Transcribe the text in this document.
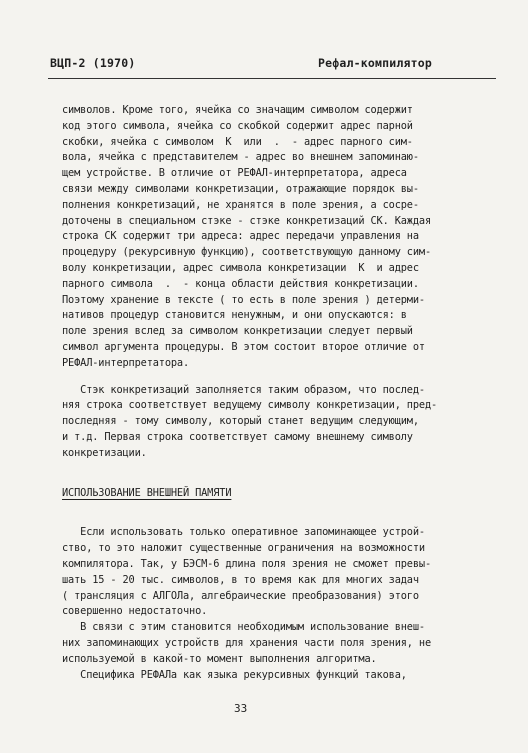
ВЦП-2 (1970)	Рефал-компилятор
символов. Кроме того, ячейка со значащим символом содержит
код этого символа, ячейка со скобкой содержит адрес парной
скобки, ячейка с символом  K  или  .  - адрес парного сим-
вола, ячейка с представителем - адрес во внешнем запоминаю-
щем устройстве. В отличие от РЕФАЛ-интерпретатора, адреса
связи между символами конкретизации, отражающие порядок вы-
полнения конкретизаций, не хранятся в поле зрения, а сосре-
доточены в специальном стэке - стэке конкретизаций СК. Каждая
строка СК содержит три адреса: адрес передачи управления на
процедуру (рекурсивную функцию), соответствующую данному сим-
волу конкретизации, адрес символа конкретизации  K  и адрес
парного символа  .  - конца области действия конкретизации.
Поэтому хранение в тексте ( то есть в поле зрения ) детерми-
нативов процедур становится ненужным, и они опускаются: в
поле зрения вслед за символом конкретизации следует первый
символ аргумента процедуры. В этом состоит второе отличие от
РЕФАЛ-интерпретатора.
Стэк конкретизаций заполняется таким образом, что послед-
няя строка соответствует ведущему символу конкретизации, пред-
последняя - тому символу, который станет ведущим следующим,
и т.д. Первая строка соответствует самому внешнему символу
конкретизации.
ИСПОЛЬЗОВАНИЕ ВНЕШНЕЙ ПАМЯТИ
Если использовать только оперативное запоминающее устрой-
ство, то это наложит существенные ограничения на возможности
компилятора. Так, у БЭСМ-6 длина поля зрения не сможет превы-
шать 15 - 20 тыс. символов, в то время как для многих задач
( трансляция с АЛГОЛа, алгебраические преобразования) этого
совершенно недостаточно.
В связи с этим становится необходимым использование внеш-
них запоминающих устройств для хранения части поля зрения, не
используемой в какой-то момент выполнения алгоритма.
Специфика РЕФАЛа как языка рекурсивных функций такова,
33
